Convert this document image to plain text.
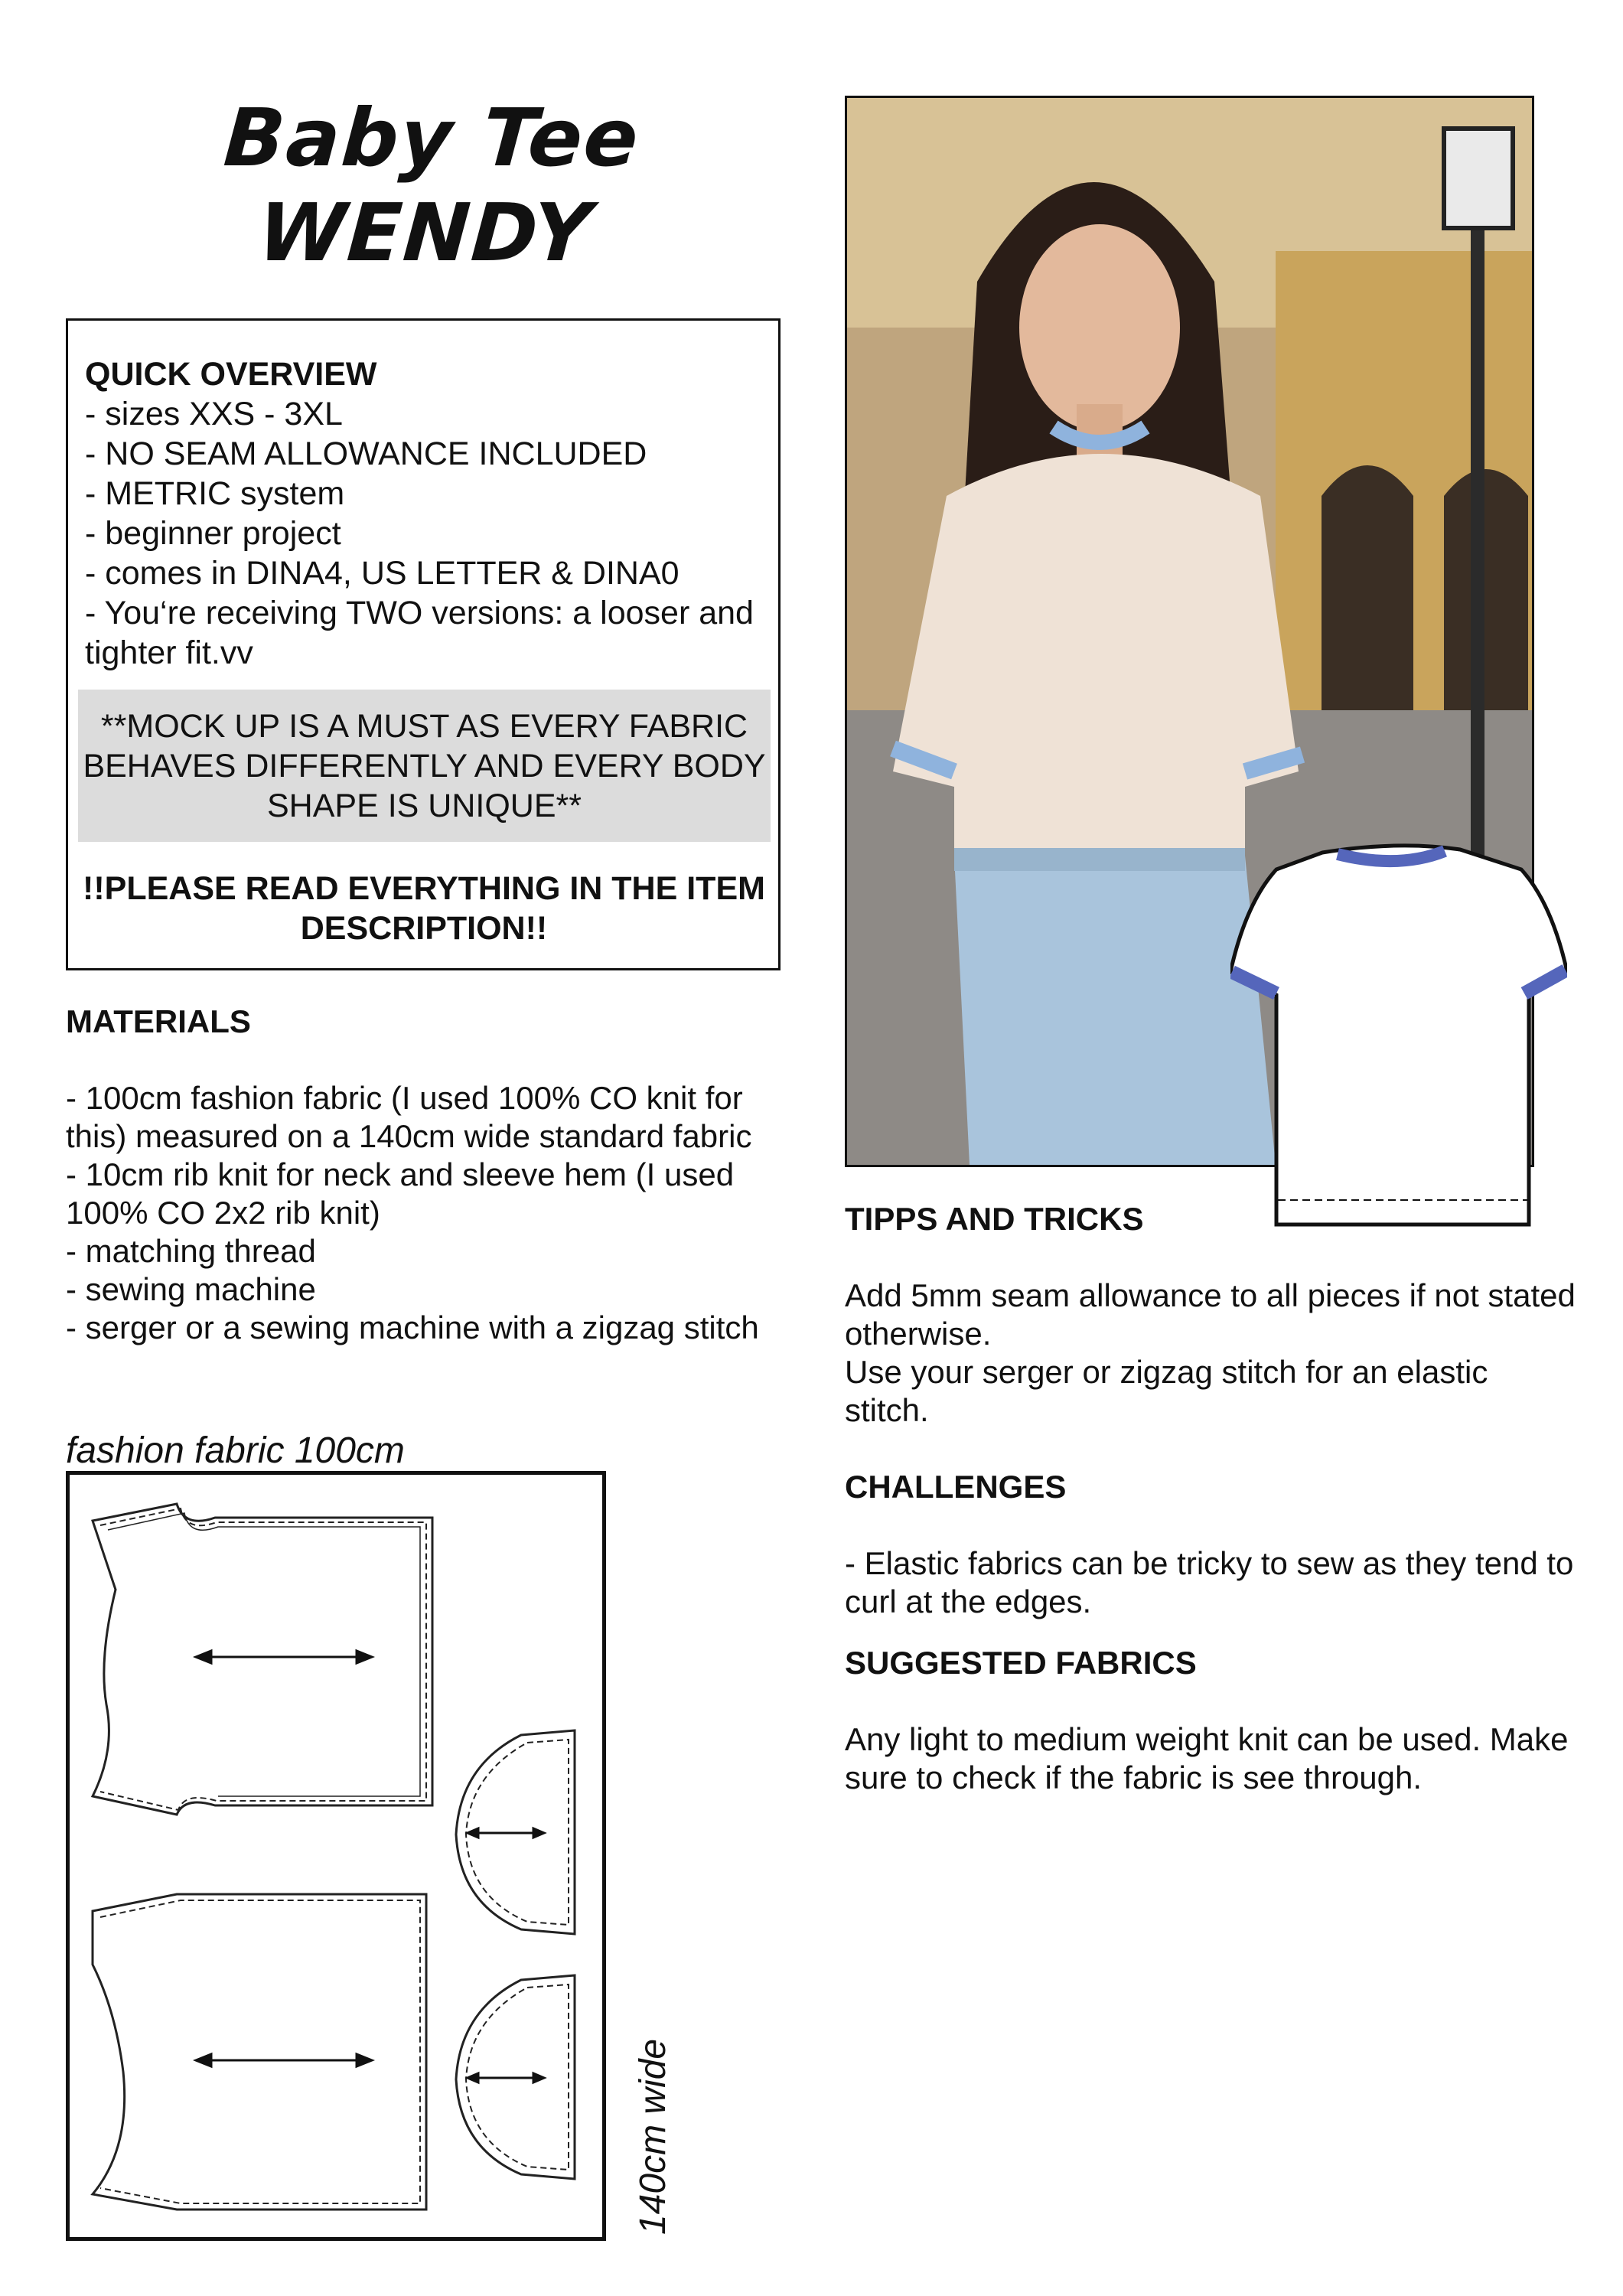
Baby Tee
WENDY
QUICK OVERVIEW
- sizes XXS - 3XL
- NO SEAM ALLOWANCE INCLUDED
- METRIC system
- beginner project
- comes in DINA4, US LETTER & DINA0
- You‘re receiving TWO versions: a looser and tighter fit.vv
**MOCK UP IS A MUST AS EVERY FABRIC BEHAVES DIFFERENTLY AND EVERY BODY SHAPE IS UNIQUE**
!!PLEASE READ EVERYTHING IN THE ITEM DESCRIPTION!!
MATERIALS
- 100cm fashion fabric (I used 100% CO knit for this) measured on a 140cm wide standard fabric
- 10cm rib knit for neck and sleeve hem (I used 100% CO 2x2 rib knit)
- matching thread
- sewing machine
- serger or a sewing machine with a zigzag stitch
fashion fabric 100cm
140cm wide
TIPPS AND TRICKS
Add 5mm seam allowance to all pieces if not stated otherwise.
Use your serger or zigzag stitch for an elastic stitch.
CHALLENGES
- Elastic fabrics can be tricky to sew as they tend to curl at the edges.
SUGGESTED FABRICS
Any light to medium weight knit can be used. Make sure to check if the fabric is see through.
